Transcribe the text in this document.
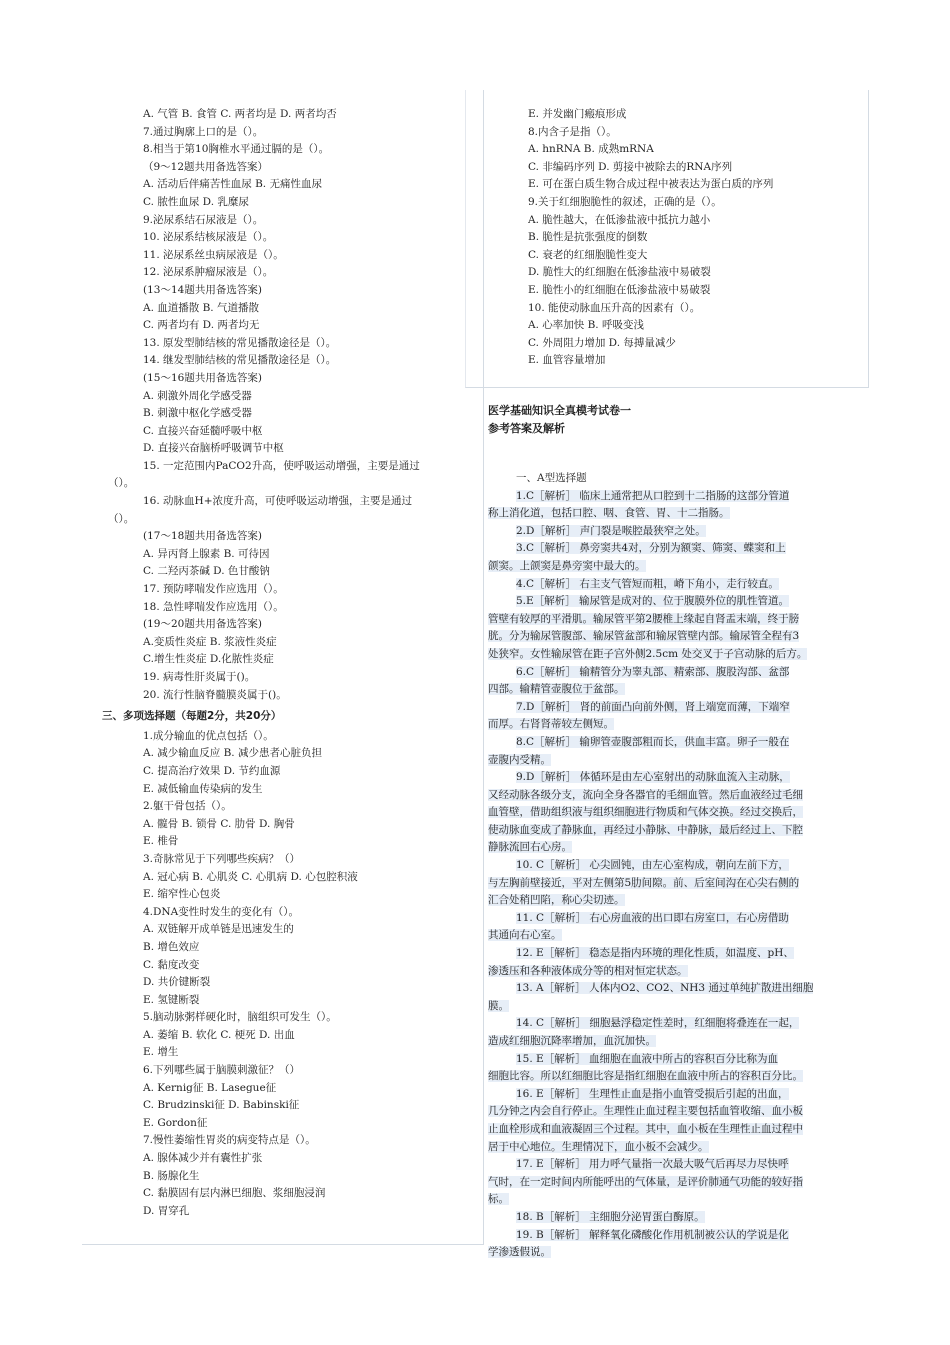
A. 气管 B. 食管 C. 两者均是 D. 两者均否
7.通过胸廓上口的是（）。
8.相当于第10胸椎水平通过膈的是（）。
（9～12题共用备选答案）
A. 活动后伴痛苦性血尿 B. 无痛性血尿
C. 脓性血尿 D. 乳糜尿
9.泌尿系结石尿液是（）。
10. 泌尿系结核尿液是（）。
11. 泌尿系丝虫病尿液是（）。
12. 泌尿系肿瘤尿液是（）。
(13～14题共用备选答案)
A. 血道播散 B. 气道播散
C. 两者均有 D. 两者均无
13. 原发型肺结核的常见播散途径是（）。
14. 继发型肺结核的常见播散途径是（）。
(15～16题共用备选答案)
A. 刺激外周化学感受器
B. 刺激中枢化学感受器
C. 直接兴奋延髓呼吸中枢
D. 直接兴奋脑桥呼吸调节中枢
15. 一定范围内PaCO2升高，使呼吸运动增强，主要是通过
（）。
16. 动脉血H+浓度升高，可使呼吸运动增强，主要是通过
（）。
(17～18题共用备选答案)
A. 异丙肾上腺素 B. 可待因
C. 二羟丙茶碱 D. 色甘酸钠
17. 预防哮喘发作应选用（）。
18. 急性哮喘发作应选用（）。
(19～20题共用备选答案)
A.变质性炎症 B. 浆液性炎症
C.增生性炎症 D.化脓性炎症
19. 病毒性肝炎属于()。
20. 流行性脑脊髓膜炎属于()。
三、多项选择题（每题2分，共20分）
1.成分输血的优点包括（）。
A. 减少输血反应 B. 减少患者心脏负担
C. 提高治疗效果 D. 节约血源
E. 减低输血传染病的发生
2.躯干骨包括（）。
A. 髋骨 B. 锁骨 C. 肋骨 D. 胸骨
E. 椎骨
3.奇脉常见于下列哪些疾病？（）
A. 冠心病 B. 心肌炎 C. 心肌病 D. 心包腔积液
E. 缩窄性心包炎
4.DNA变性时发生的变化有（）。
A. 双链解开成单链是迅速发生的
B. 增色效应
C. 黏度改变
D. 共价键断裂
E. 氢键断裂
5.脑动脉粥样硬化时，脑组织可发生（）。
A. 萎缩 B. 软化 C. 梗死 D. 出血
E. 增生
6.下列哪些属于脑膜刺激征？（）
A. Kernig征 B. Lasegue征
C. Brudzinski征 D. Babinski征
E. Gordon征
7.慢性萎缩性胃炎的病变特点是（）。
A. 腺体减少并有囊性扩张
B. 肠腺化生
C. 黏膜固有层内淋巴细胞、浆细胞浸润
D. 胃穿孔
E. 并发幽门瘢痕形成
8.内含子是指（）。
A. hnRNA B. 成熟mRNA
C. 非编码序列 D. 剪接中被除去的RNA序列
E. 可在蛋白质生物合成过程中被表达为蛋白质的序列
9.关于红细胞脆性的叙述，正确的是（）。
A. 脆性越大，在低渗盐液中抵抗力越小
B. 脆性是抗张强度的倒数
C. 衰老的红细胞脆性变大
D. 脆性大的红细胞在低渗盐液中易破裂
E. 脆性小的红细胞在低渗盐液中易破裂
10. 能使动脉血压升高的因素有（）。
A. 心率加快 B. 呼吸变浅
C. 外周阻力增加 D. 每搏量减少
E. 血管容量增加
医学基础知识全真模考试卷一
参考答案及解析
一、A型选择题
1.C［解析］ 临床上通常把从口腔到十二指肠的这部分管道
称上消化道，包括口腔、咽、食管、胃、十二指肠。
2.D［解析］ 声门裂是喉腔最狭窄之处。
3.C［解析］ 鼻旁窦共4对，分别为额窦、筛窦、蝶窦和上
颌窦。上颌窦是鼻旁窦中最大的。
4.C［解析］ 右主支气管短而粗，嵴下角小，走行较直。
5.E［解析］ 输尿管是成对的、位于腹膜外位的肌性管道。
管壁有较厚的平滑肌。输尿管平第2腰椎上缘起自肾盂末端，终于膀
胱。分为输尿管腹部、输尿管盆部和输尿管壁内部。输尿管全程有3
处狭窄。女性输尿管在距子宫外侧2.5cm 处交叉于子宫动脉的后方。
6.C［解析］ 输精管分为睾丸部、精索部、腹股沟部、盆部
四部。输精管壶腹位于盆部。
7.D［解析］ 肾的前面凸向前外侧，肾上端宽而薄，下端窄
而厚。右肾肾蒂较左侧短。
8.C［解析］ 输卵管壶腹部粗而长，供血丰富。卵子一般在
壶腹内受精。
9.D［解析］ 体循环是由左心室射出的动脉血流入主动脉，
又经动脉各级分支，流向全身各器官的毛细血管。然后血液经过毛细
血管壁，借助组织液与组织细胞进行物质和气体交换。经过交换后，
使动脉血变成了静脉血，再经过小静脉、中静脉，最后经过上、下腔
静脉流回右心房。
10. C［解析］ 心尖圆钝，由左心室构成，朝向左前下方，
与左胸前壁接近，平对左侧第5肋间隙。前、后室间沟在心尖右侧的
汇合处稍凹陷，称心尖切迹。
11. C［解析］ 右心房血液的出口即右房室口，右心房借助
其通向右心室。
12. E［解析］ 稳态是指内环境的理化性质，如温度、pH、
渗透压和各种液体成分等的相对恒定状态。
13. A［解析］ 人体内O2、CO2、NH3 通过单纯扩散进出细胞
膜。
14. C［解析］ 细胞悬浮稳定性差时，红细胞将叠连在一起，
造成红细胞沉降率增加，血沉加快。
15. E［解析］ 血细胞在血液中所占的容积百分比称为血
细胞比容。所以红细胞比容是指红细胞在血液中所占的容积百分比。
16. E［解析］ 生理性止血是指小血管受损后引起的出血，
几分钟之内会自行停止。生理性止血过程主要包括血管收缩、血小板
止血栓形成和血液凝固三个过程。其中，血小板在生理性止血过程中
居于中心地位。生理情况下，血小板不会减少。
17. E［解析］ 用力呼气量指一次最大吸气后再尽力尽快呼
气时，在一定时间内所能呼出的气体量，是评价肺通气功能的较好指
标。
18. B［解析］ 主细胞分泌胃蛋白酶原。
19. B［解析］ 解释氧化磷酸化作用机制被公认的学说是化
学渗透假说。
